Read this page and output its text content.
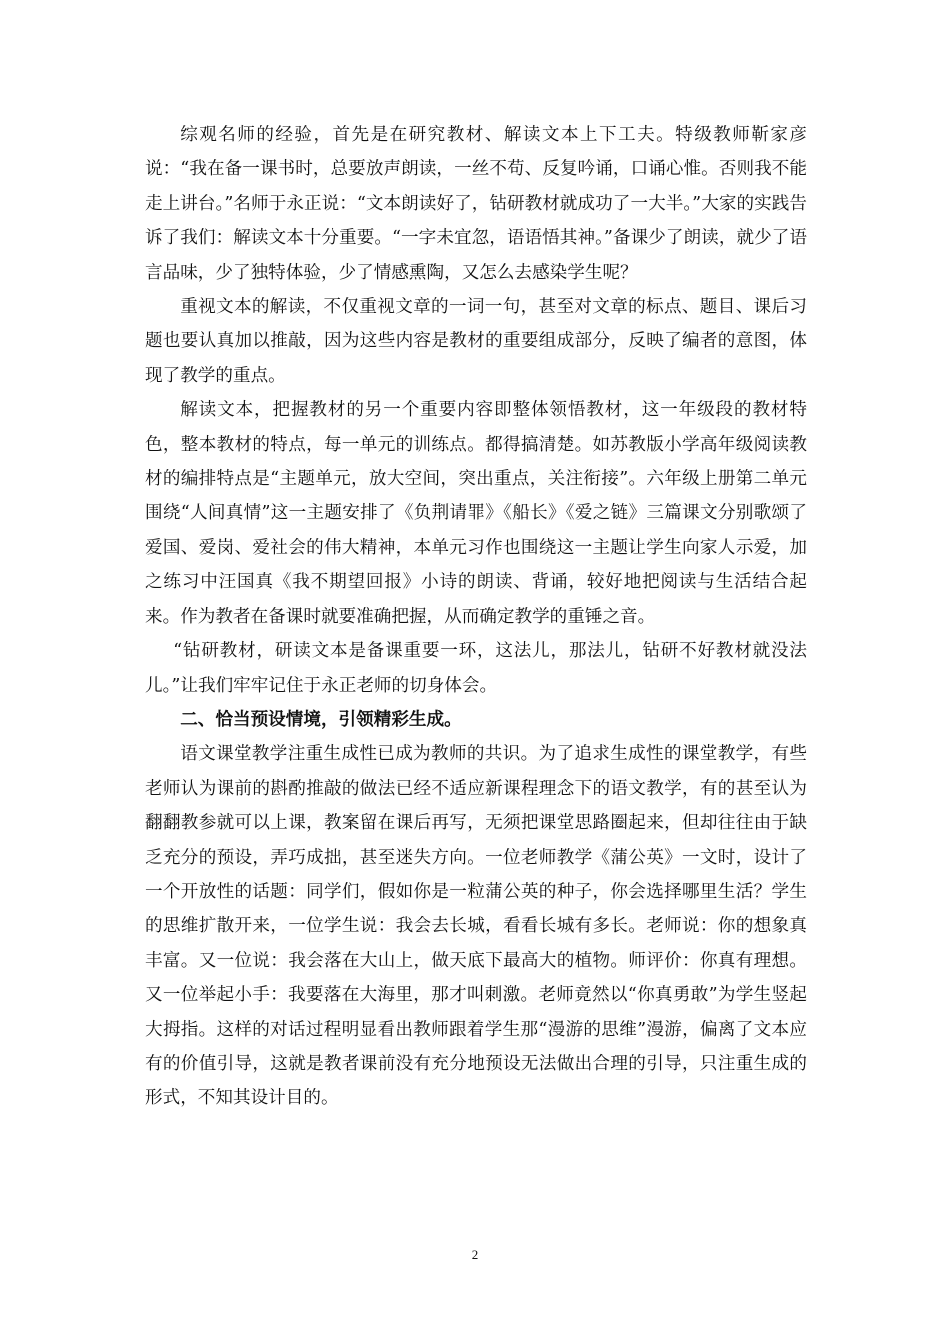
综观名师的经验，首先是在研究教材、解读文本上下工夫。特级教师靳家彦说：“我在备一课书时，总要放声朗读，一丝不苟、反复吟诵，口诵心惟。否则我不能走上讲台。”名师于永正说：“文本朗读好了，钻研教材就成功了一大半。”大家的实践告诉了我们：解读文本十分重要。“一字未宜忽，语语悟其神。”备课少了朗读，就少了语言品味，少了独特体验，少了情感熏陶，又怎么去感染学生呢？

重视文本的解读，不仅重视文章的一词一句，甚至对文章的标点、题目、课后习题也要认真加以推敲，因为这些内容是教材的重要组成部分，反映了编者的意图，体现了教学的重点。

解读文本，把握教材的另一个重要内容即整体领悟教材，这一年级段的教材特色，整本教材的特点，每一单元的训练点。都得搞清楚。如苏教版小学高年级阅读教材的编排特点是“主题单元，放大空间，突出重点，关注衔接”。六年级上册第二单元围绕“人间真情”这一主题安排了《负荆请罪》《船长》《爱之链》三篇课文分别歌颂了爱国、爱岗、爱社会的伟大精神，本单元习作也围绕这一主题让学生向家人示爱，加之练习中汪国真《我不期望回报》小诗的朗读、背诵，较好地把阅读与生活结合起来。作为教者在备课时就要准确把握，从而确定教学的重锤之音。

“钻研教材，研读文本是备课重要一环，这法儿，那法儿，钻研不好教材就没法儿。”让我们牢牢记住于永正老师的切身体会。

二、恰当预设情境，引领精彩生成。

语文课堂教学注重生成性已成为教师的共识。为了追求生成性的课堂教学，有些老师认为课前的斟酌推敲的做法已经不适应新课程理念下的语文教学，有的甚至认为翻翻教参就可以上课，教案留在课后再写，无须把课堂思路圈起来，但却往往由于缺乏充分的预设，弄巧成拙，甚至迷失方向。一位老师教学《蒲公英》一文时，设计了一个开放性的话题：同学们，假如你是一粒蒲公英的种子，你会选择哪里生活？学生的思维扩散开来，一位学生说：我会去长城，看看长城有多长。老师说：你的想象真丰富。又一位说：我会落在大山上，做天底下最高大的植物。师评价：你真有理想。又一位举起小手：我要落在大海里，那才叫刺激。老师竟然以“你真勇敢”为学生竖起大拇指。这样的对话过程明显看出教师跟着学生那“漫游的思维”漫游，偏离了文本应有的价值引导，这就是教者课前没有充分地预设无法做出合理的引导，只注重生成的形式，不知其设计目的。

2
